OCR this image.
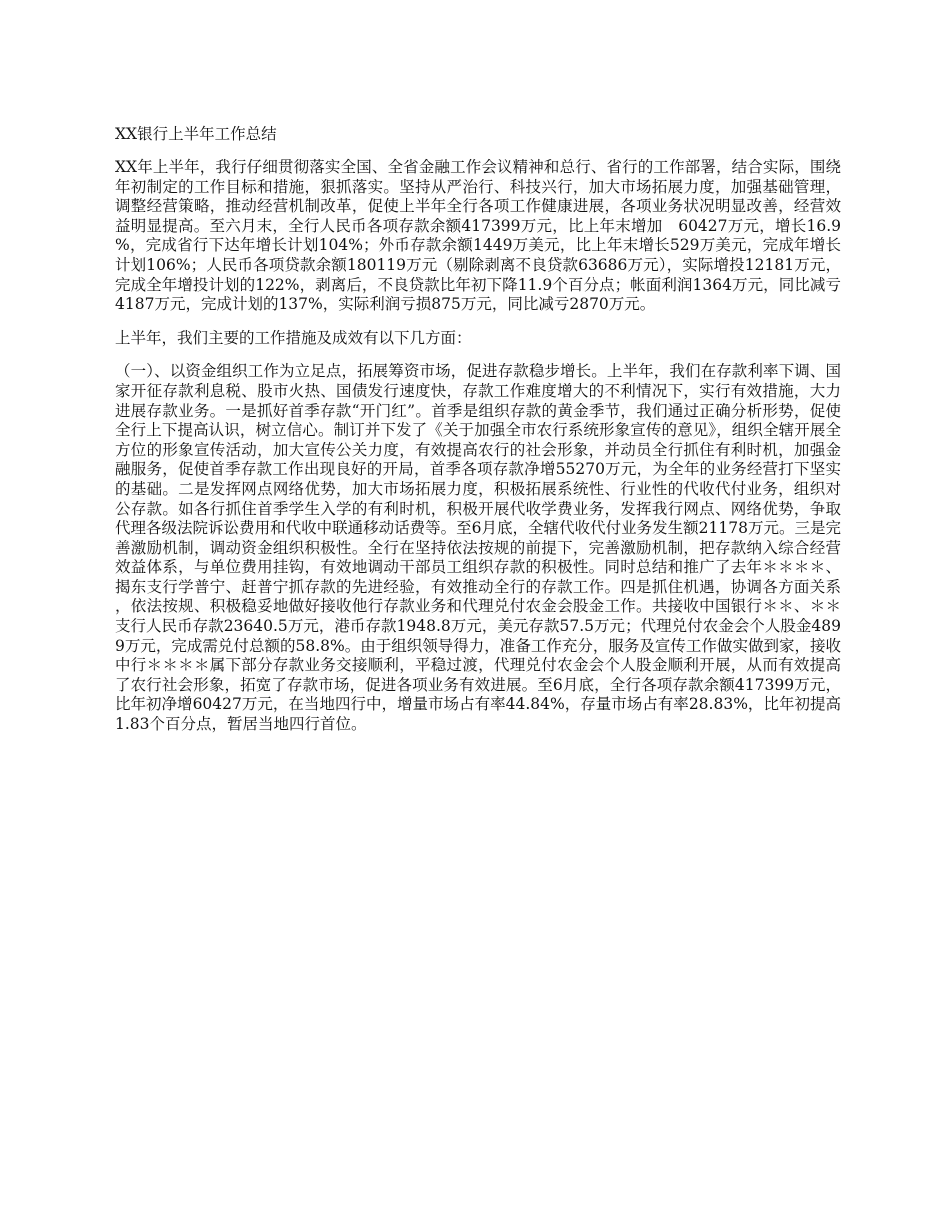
XX银行上半年工作总结

XX年上半年，我行仔细贯彻落实全国、全省金融工作会议精神和总行、省行的工作部署，结合实际，围绕年初制定的工作目标和措施，狠抓落实。坚持从严治行、科技兴行，加大市场拓展力度，加强基础管理，调整经营策略，推动经营机制改革，促使上半年全行各项工作健康进展，各项业务状况明显改善，经营效益明显提高。至六月末，全行人民币各项存款余额417399万元，比上年末增加　60427万元，增长16.9%，完成省行下达年增长计划104%；外币存款余额1449万美元，比上年末增长529万美元，完成年增长计划106%；人民币各项贷款余额180119万元（剔除剥离不良贷款63686万元），实际增投12181万元，完成全年增投计划的122%，剥离后，不良贷款比年初下降11.9个百分点；帐面利润1364万元，同比减亏4187万元，完成计划的137%，实际利润亏损875万元，同比减亏2870万元。

上半年，我们主要的工作措施及成效有以下几方面：

（一）、以资金组织工作为立足点，拓展筹资市场，促进存款稳步增长。上半年，我们在存款利率下调、国家开征存款利息税、股市火热、国债发行速度快，存款工作难度增大的不利情况下，实行有效措施，大力进展存款业务。一是抓好首季存款“开门红”。首季是组织存款的黄金季节，我们通过正确分析形势，促使全行上下提高认识，树立信心。制订并下发了《关于加强全市农行系统形象宣传的意见》，组织全辖开展全方位的形象宣传活动，加大宣传公关力度，有效提高农行的社会形象，并动员全行抓住有利时机，加强金融服务，促使首季存款工作出现良好的开局，首季各项存款净增55270万元，为全年的业务经营打下坚实的基础。二是发挥网点网络优势，加大市场拓展力度，积极拓展系统性、行业性的代收代付业务，组织对公存款。如各行抓住首季学生入学的有利时机，积极开展代收学费业务，发挥我行网点、网络优势，争取代理各级法院诉讼费用和代收中联通移动话费等。至6月底，全辖代收代付业务发生额21178万元。三是完善激励机制，调动资金组织积极性。全行在坚持依法按规的前提下，完善激励机制，把存款纳入综合经营效益体系，与单位费用挂钩，有效地调动干部员工组织存款的积极性。同时总结和推广了去年＊＊＊＊、揭东支行学普宁、赶普宁抓存款的先进经验，有效推动全行的存款工作。四是抓住机遇，协调各方面关系，依法按规、积极稳妥地做好接收他行存款业务和代理兑付农金会股金工作。共接收中国银行＊＊、＊＊支行人民币存款23640.5万元，港币存款1948.8万元，美元存款57.5万元；代理兑付农金会个人股金4899万元，完成需兑付总额的58.8%。由于组织领导得力，准备工作充分，服务及宣传工作做实做到家，接收中行＊＊＊＊属下部分存款业务交接顺利，平稳过渡，代理兑付农金会个人股金顺利开展，从而有效提高了农行社会形象，拓宽了存款市场，促进各项业务有效进展。至6月底，全行各项存款余额417399万元，比年初净增60427万元，在当地四行中，增量市场占有率44.84%，存量市场占有率28.83%，比年初提高1.83个百分点，暂居当地四行首位。
